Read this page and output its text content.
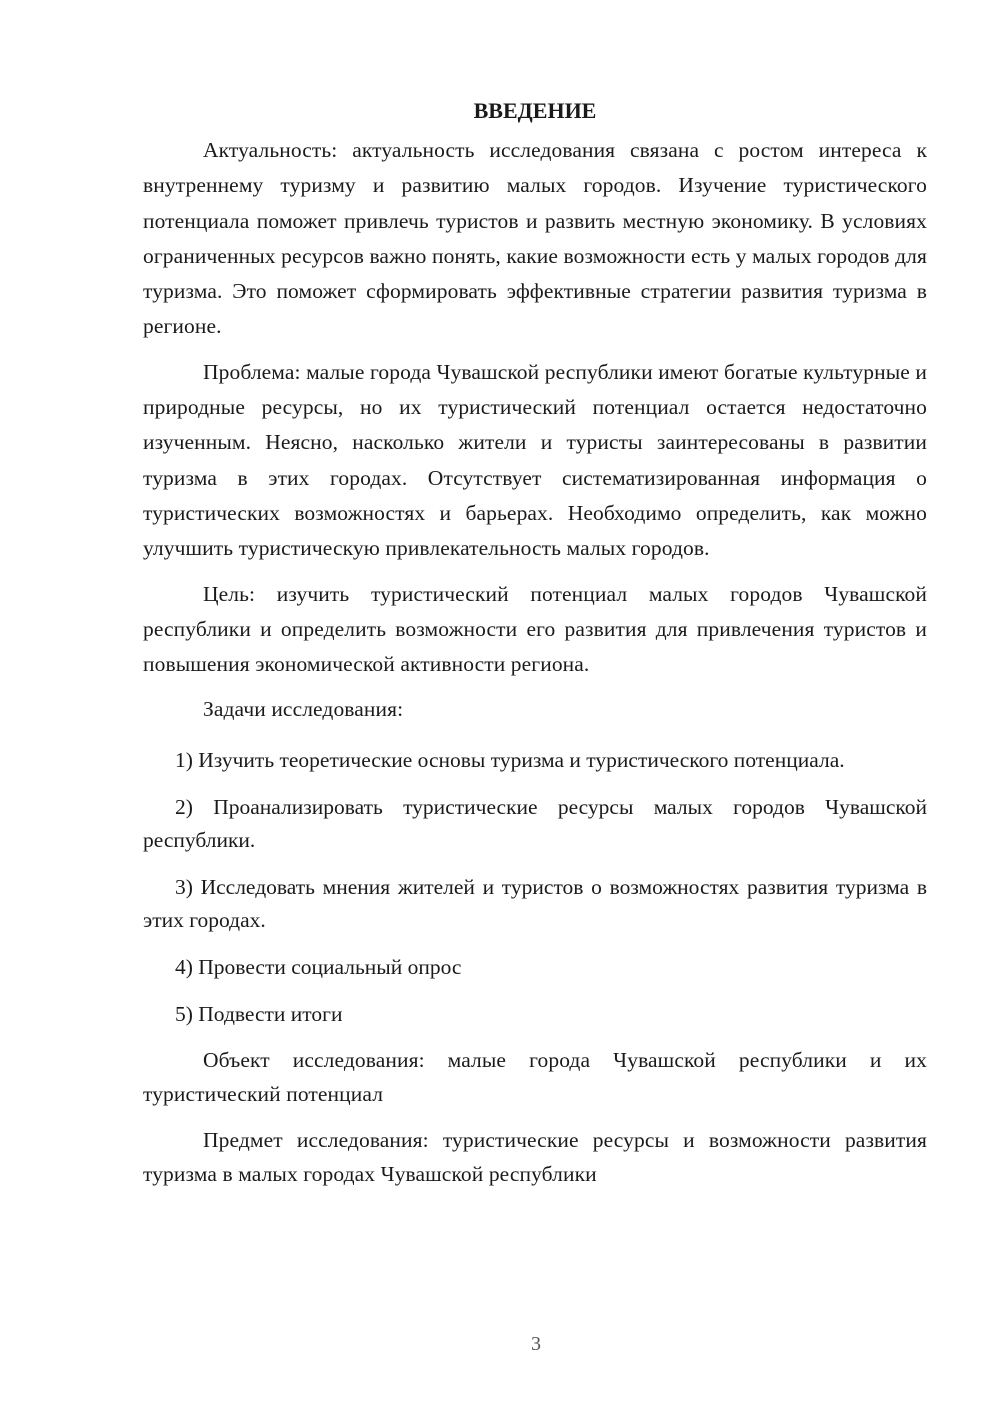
ВВЕДЕНИЕ

Актуальность: актуальность исследования связана с ростом интереса к внутреннему туризму и развитию малых городов. Изучение туристического потенциала поможет привлечь туристов и развить местную экономику. В условиях ограниченных ресурсов важно понять, какие возможности есть у малых городов для туризма. Это поможет сформировать эффективные стратегии развития туризма в регионе.

Проблема: малые города Чувашской республики имеют богатые культурные и природные ресурсы, но их туристический потенциал остается недостаточно изученным. Неясно, насколько жители и туристы заинтересованы в развитии туризма в этих городах. Отсутствует систематизированная информация о туристических возможностях и барьерах. Необходимо определить, как можно улучшить туристическую привлекательность малых городов.

Цель: изучить туристический потенциал малых городов Чувашской республики и определить возможности его развития для привлечения туристов и повышения экономической активности региона.

Задачи исследования:

1) Изучить теоретические основы туризма и туристического потенциала.

2) Проанализировать туристические ресурсы малых городов Чувашской республики.

3) Исследовать мнения жителей и туристов о возможностях развития туризма в этих городах.

4) Провести социальный опрос

5) Подвести итоги

Объект исследования: малые города Чувашской республики и их туристический потенциал

Предмет исследования: туристические ресурсы и возможности развития туризма в малых городах Чувашской республики

3
